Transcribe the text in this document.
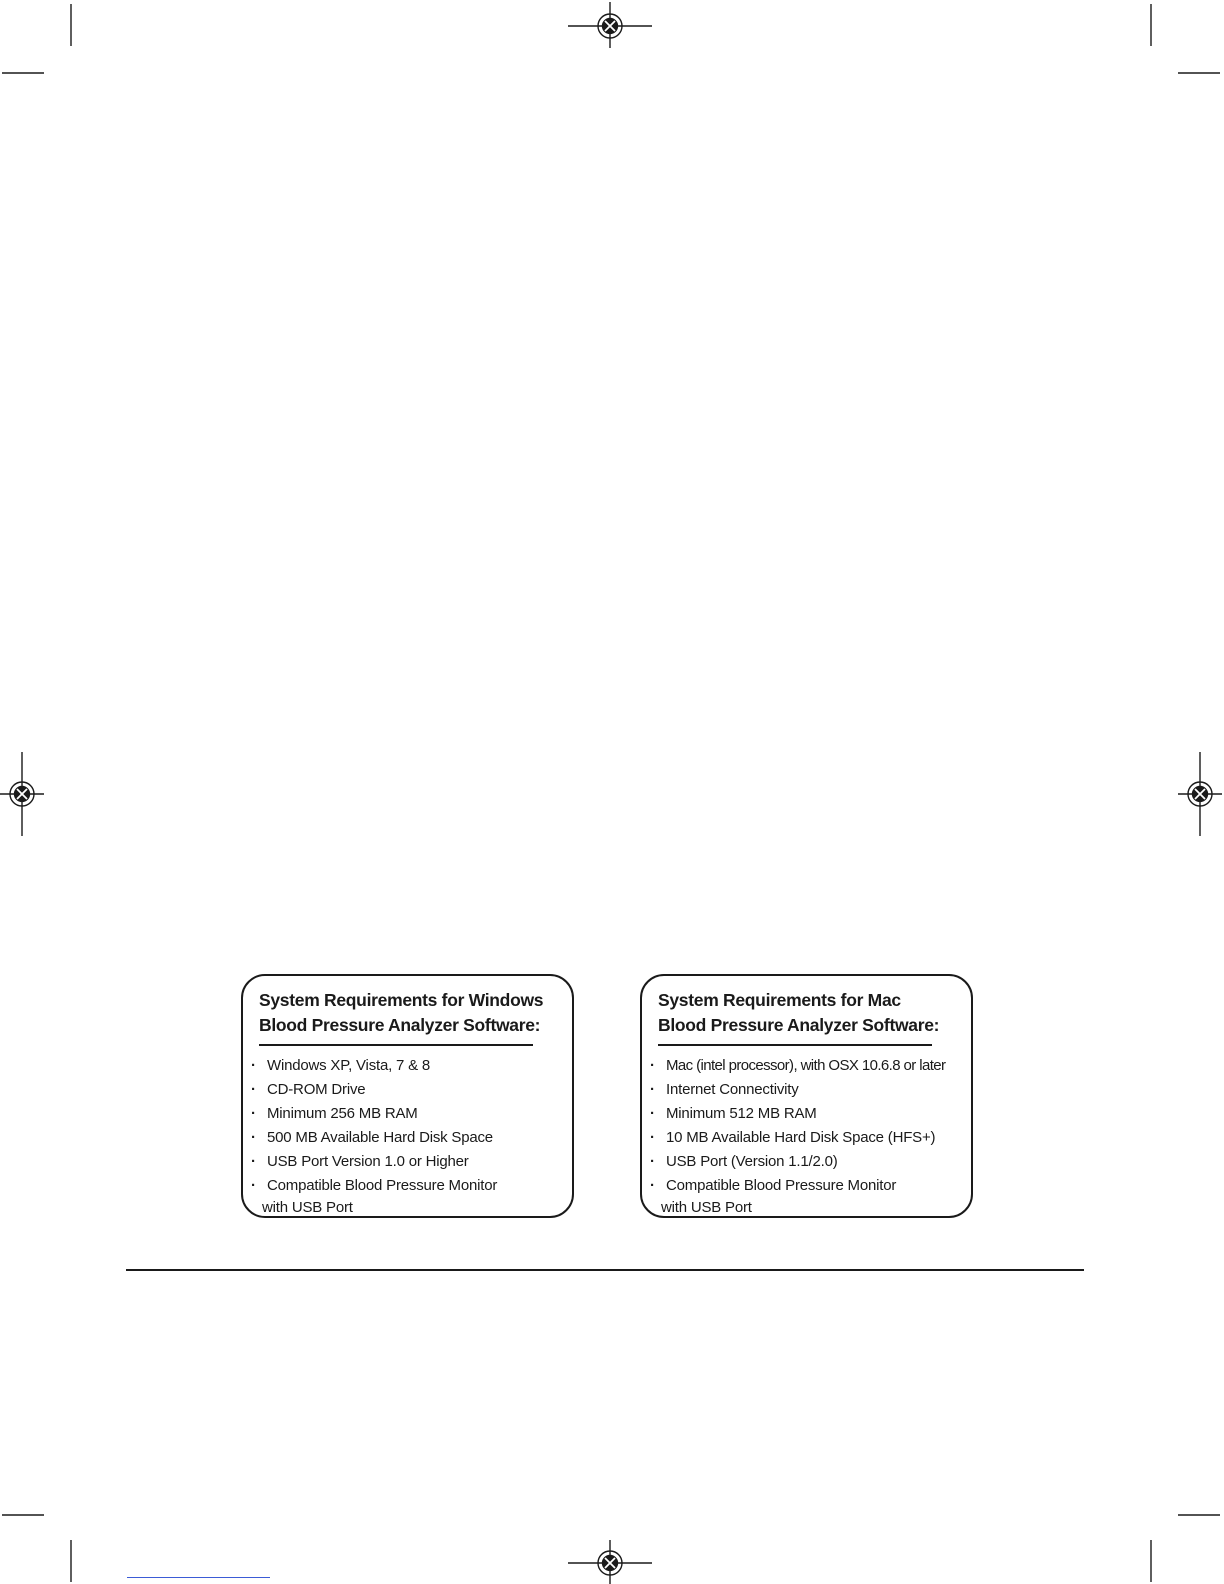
System Requirements for Windows
Blood Pressure Analyzer Software:
· Windows XP, Vista, 7 & 8
· CD-ROM Drive
· Minimum 256 MB RAM
· 500 MB Available Hard Disk Space
· USB Port Version 1.0 or Higher
· Compatible Blood Pressure Monitor
with USB Port
System Requirements for Mac
Blood Pressure Analyzer Software:
· Mac (intel processor), with OSX 10.6.8 or later
· Internet Connectivity
· Minimum 512 MB RAM
· 10 MB Available Hard Disk Space (HFS+)
· USB Port (Version 1.1/2.0)
· Compatible Blood Pressure Monitor
with USB Port
